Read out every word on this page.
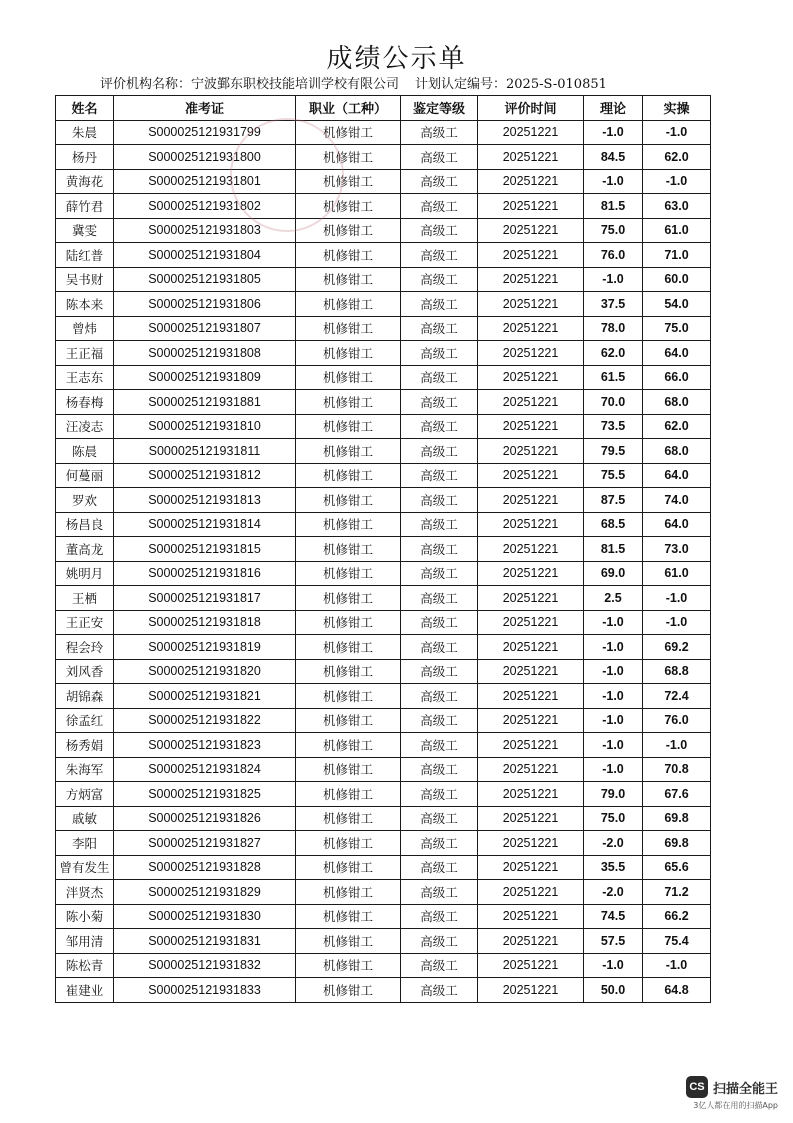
成绩公示单
评价机构名称：宁波鄞东职校技能培训学校有限公司 计划认定编号：2025-S-010851
姓名	准考证	职业（工种）	鉴定等级	评价时间	理论	实操
朱晨	S000025121931799	机修钳工	高级工	20251221	-1.0	-1.0
杨丹	S000025121931800	机修钳工	高级工	20251221	84.5	62.0
黄海花	S000025121931801	机修钳工	高级工	20251221	-1.0	-1.0
薛竹君	S000025121931802	机修钳工	高级工	20251221	81.5	63.0
冀雯	S000025121931803	机修钳工	高级工	20251221	75.0	61.0
陆红普	S000025121931804	机修钳工	高级工	20251221	76.0	71.0
吴书财	S000025121931805	机修钳工	高级工	20251221	-1.0	60.0
陈本来	S000025121931806	机修钳工	高级工	20251221	37.5	54.0
曾炜	S000025121931807	机修钳工	高级工	20251221	78.0	75.0
王正福	S000025121931808	机修钳工	高级工	20251221	62.0	64.0
王志东	S000025121931809	机修钳工	高级工	20251221	61.5	66.0
杨春梅	S000025121931881	机修钳工	高级工	20251221	70.0	68.0
汪凌志	S000025121931810	机修钳工	高级工	20251221	73.5	62.0
陈晨	S000025121931811	机修钳工	高级工	20251221	79.5	68.0
何蔓丽	S000025121931812	机修钳工	高级工	20251221	75.5	64.0
罗欢	S000025121931813	机修钳工	高级工	20251221	87.5	74.0
杨昌良	S000025121931814	机修钳工	高级工	20251221	68.5	64.0
董高龙	S000025121931815	机修钳工	高级工	20251221	81.5	73.0
姚明月	S000025121931816	机修钳工	高级工	20251221	69.0	61.0
王栖	S000025121931817	机修钳工	高级工	20251221	2.5	-1.0
王正安	S000025121931818	机修钳工	高级工	20251221	-1.0	-1.0
程会玲	S000025121931819	机修钳工	高级工	20251221	-1.0	69.2
刘风香	S000025121931820	机修钳工	高级工	20251221	-1.0	68.8
胡锦森	S000025121931821	机修钳工	高级工	20251221	-1.0	72.4
徐孟红	S000025121931822	机修钳工	高级工	20251221	-1.0	76.0
杨秀娟	S000025121931823	机修钳工	高级工	20251221	-1.0	-1.0
朱海军	S000025121931824	机修钳工	高级工	20251221	-1.0	70.8
方炳富	S000025121931825	机修钳工	高级工	20251221	79.0	67.6
戚敏	S000025121931826	机修钳工	高级工	20251221	75.0	69.8
李阳	S000025121931827	机修钳工	高级工	20251221	-2.0	69.8
曾有发生	S000025121931828	机修钳工	高级工	20251221	35.5	65.6
泮贤杰	S000025121931829	机修钳工	高级工	20251221	-2.0	71.2
陈小菊	S000025121931830	机修钳工	高级工	20251221	74.5	66.2
邹用清	S000025121931831	机修钳工	高级工	20251221	57.5	75.4
陈松青	S000025121931832	机修钳工	高级工	20251221	-1.0	-1.0
崔建业	S000025121931833	机修钳工	高级工	20251221	50.0	64.8
CS 扫描全能王
3亿人都在用的扫描App
